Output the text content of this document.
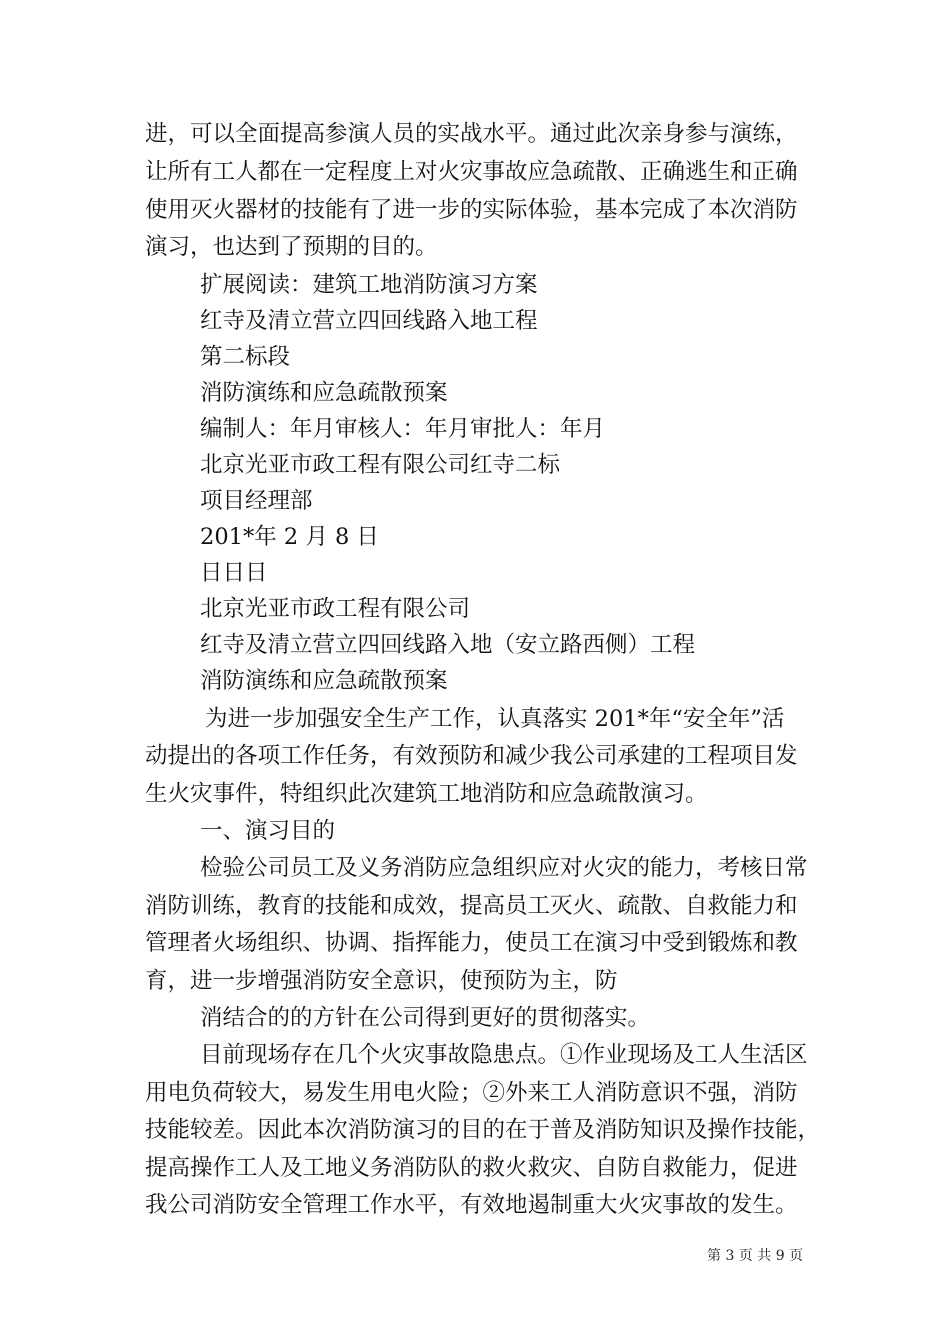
进，可以全面提高参演人员的实战水平。通过此次亲身参与演练，
让所有工人都在一定程度上对火灾事故应急疏散、正确逃生和正确
使用灭火器材的技能有了进一步的实际体验，基本完成了本次消防
演习，也达到了预期的目的。
扩展阅读：建筑工地消防演习方案
红寺及清立营立四回线路入地工程
第二标段
消防演练和应急疏散预案
编制人：年月审核人：年月审批人：年月
北京光亚市政工程有限公司红寺二标
项目经理部
201*年 2 月 8 日
日日日
北京光亚市政工程有限公司
红寺及清立营立四回线路入地（安立路西侧）工程
消防演练和应急疏散预案
为进一步加强安全生产工作，认真落实 201*年“安全年”活
动提出的各项工作任务，有效预防和减少我公司承建的工程项目发
生火灾事件，特组织此次建筑工地消防和应急疏散演习。
一、演习目的
检验公司员工及义务消防应急组织应对火灾的能力，考核日常
消防训练，教育的技能和成效，提高员工灭火、疏散、自救能力和
管理者火场组织、协调、指挥能力，使员工在演习中受到锻炼和教
育，进一步增强消防安全意识，使预防为主，防
消结合的的方针在公司得到更好的贯彻落实。
目前现场存在几个火灾事故隐患点。①作业现场及工人生活区
用电负荷较大，易发生用电火险；②外来工人消防意识不强，消防
技能较差。因此本次消防演习的目的在于普及消防知识及操作技能，
提高操作工人及工地义务消防队的救火救灾、自防自救能力，促进
我公司消防安全管理工作水平，有效地遏制重大火灾事故的发生。
第 3 页 共 9 页
